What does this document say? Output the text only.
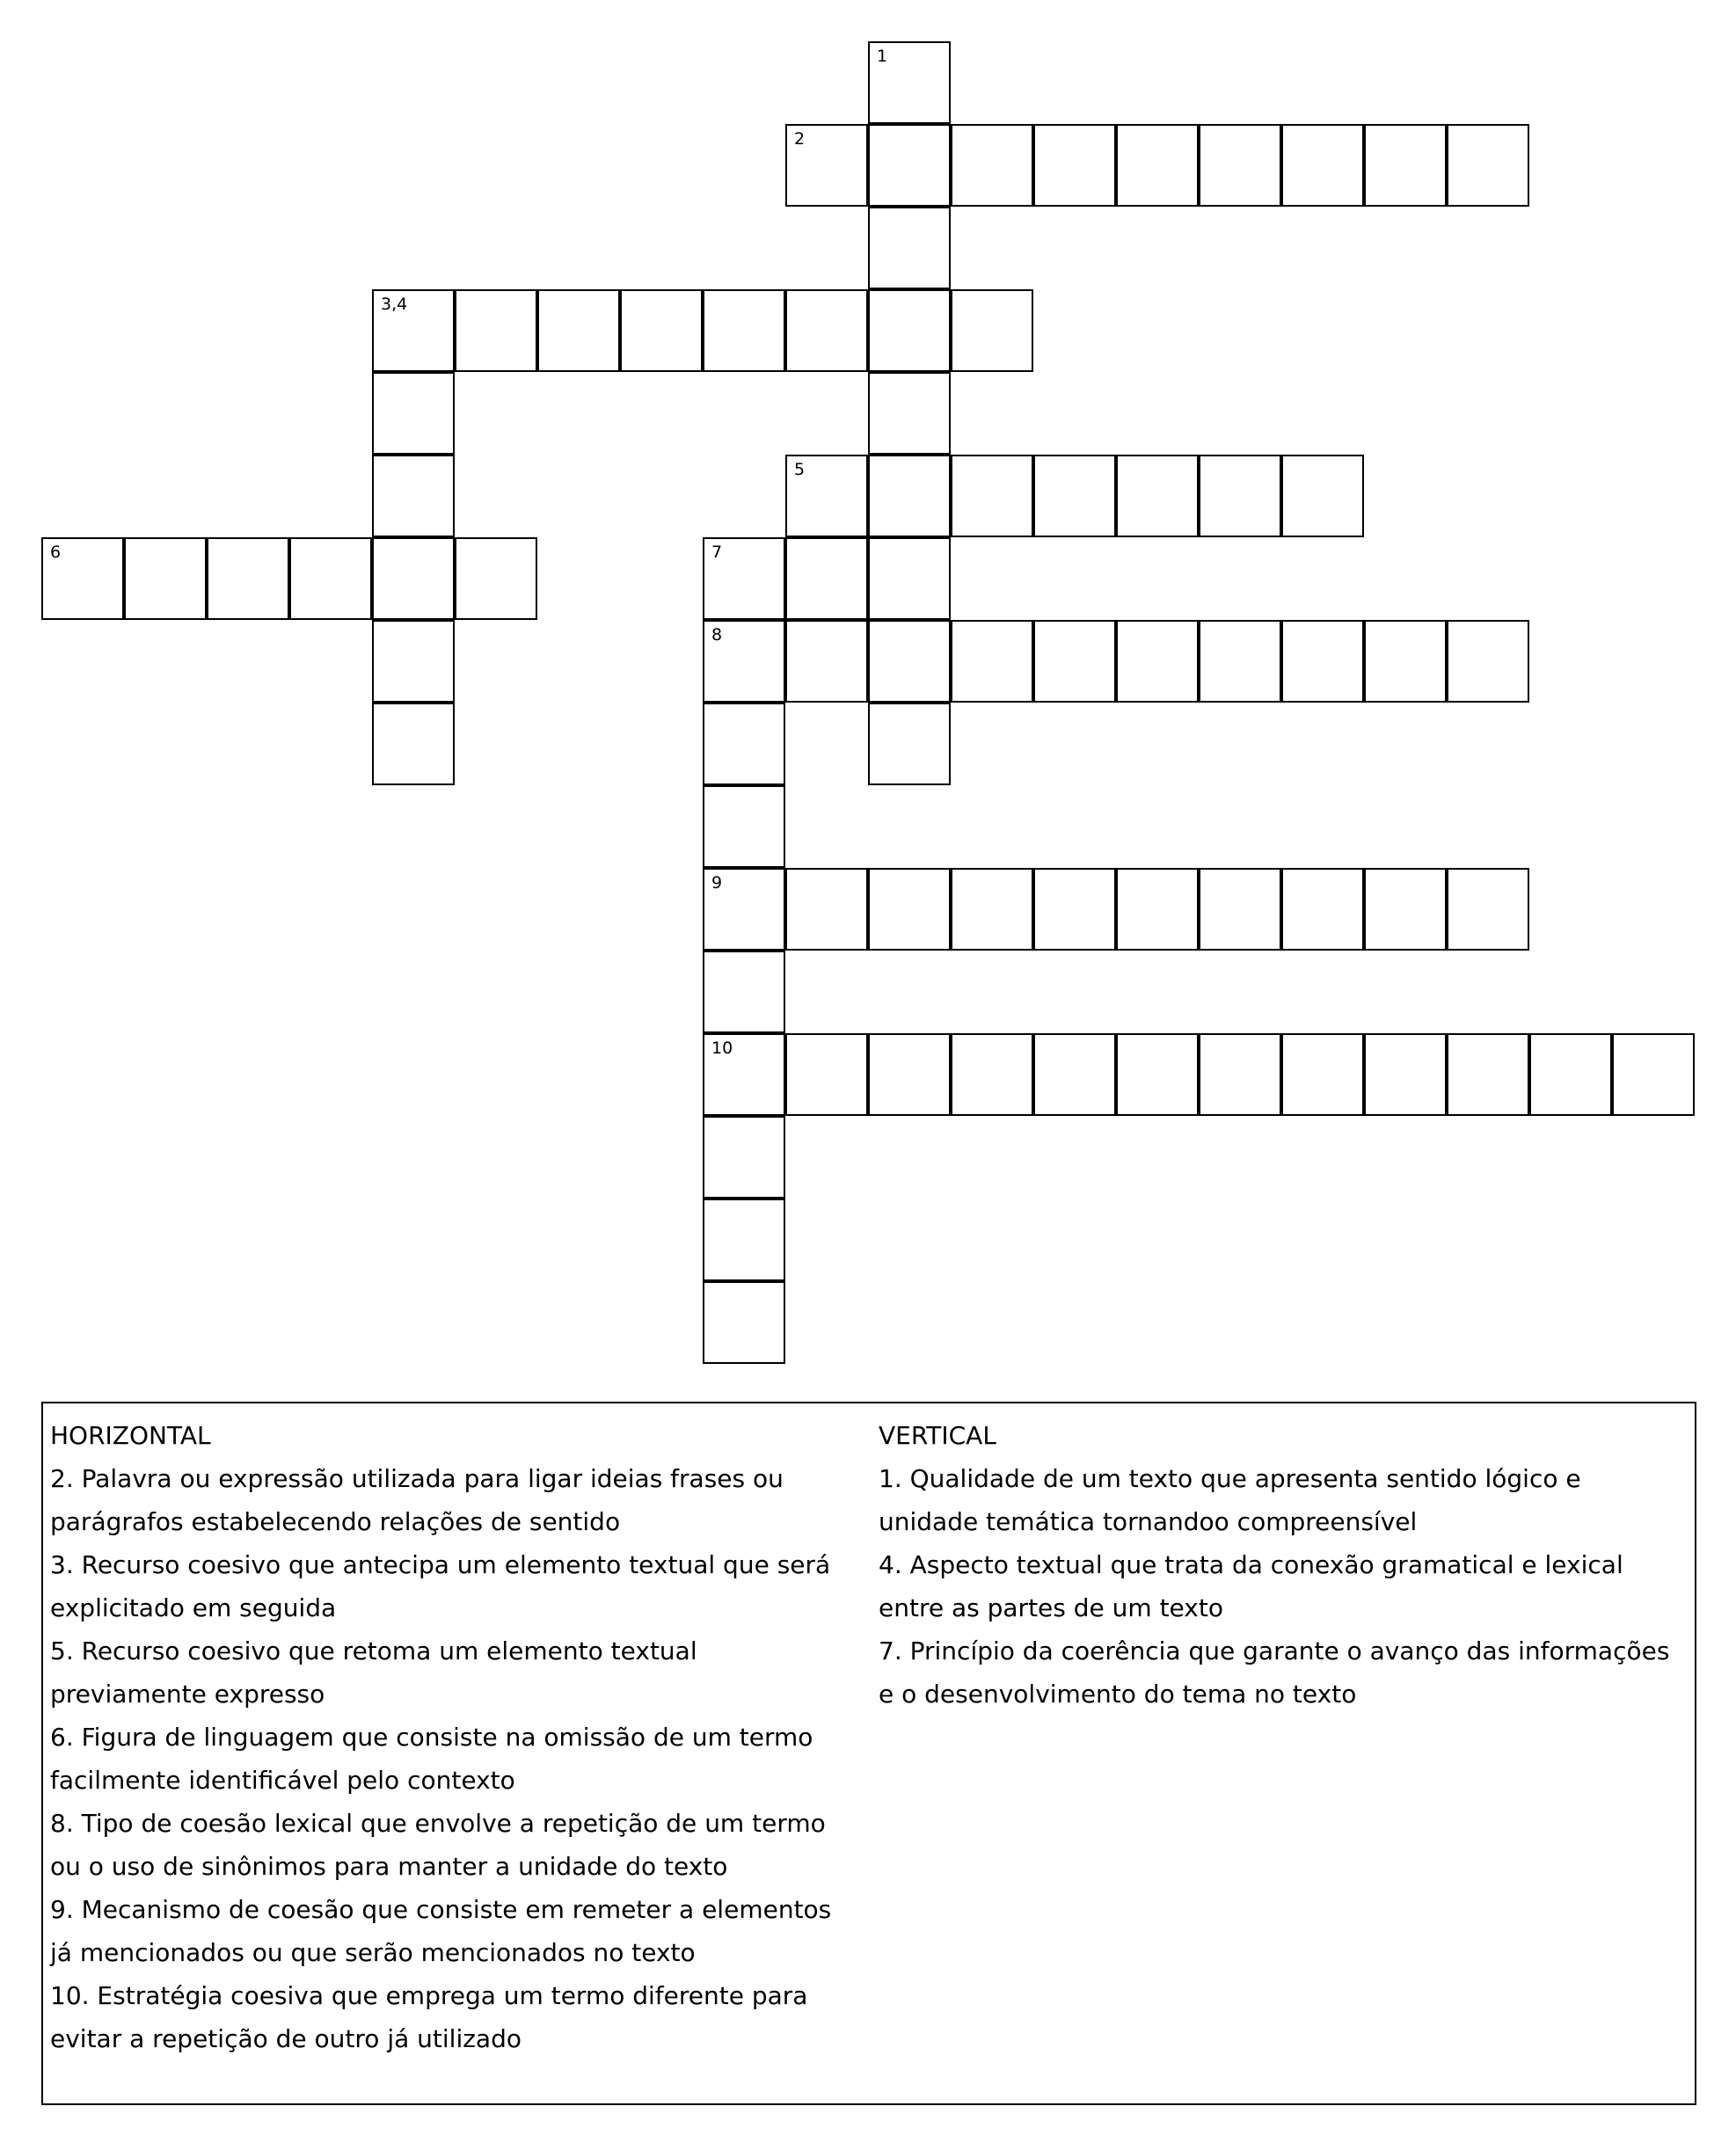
1
2
3,4
5
6	7
8
9
10
HORIZONTAL
2. Palavra ou expressão utilizada para ligar ideias frases ou parágrafos estabelecendo relações de sentido
3. Recurso coesivo que antecipa um elemento textual que será explicitado em seguida
5. Recurso coesivo que retoma um elemento textual previamente expresso
6. Figura de linguagem que consiste na omissão de um termo facilmente identificável pelo contexto
8. Tipo de coesão lexical que envolve a repetição de um termo ou o uso de sinônimos para manter a unidade do texto
9. Mecanismo de coesão que consiste em remeter a elementos já mencionados ou que serão mencionados no texto
10. Estratégia coesiva que emprega um termo diferente para evitar a repetição de outro já utilizado
VERTICAL
1. Qualidade de um texto que apresenta sentido lógico e unidade temática tornandoo compreensível
4. Aspecto textual que trata da conexão gramatical e lexical entre as partes de um texto
7. Princípio da coerência que garante o avanço das informações e o desenvolvimento do tema no texto
